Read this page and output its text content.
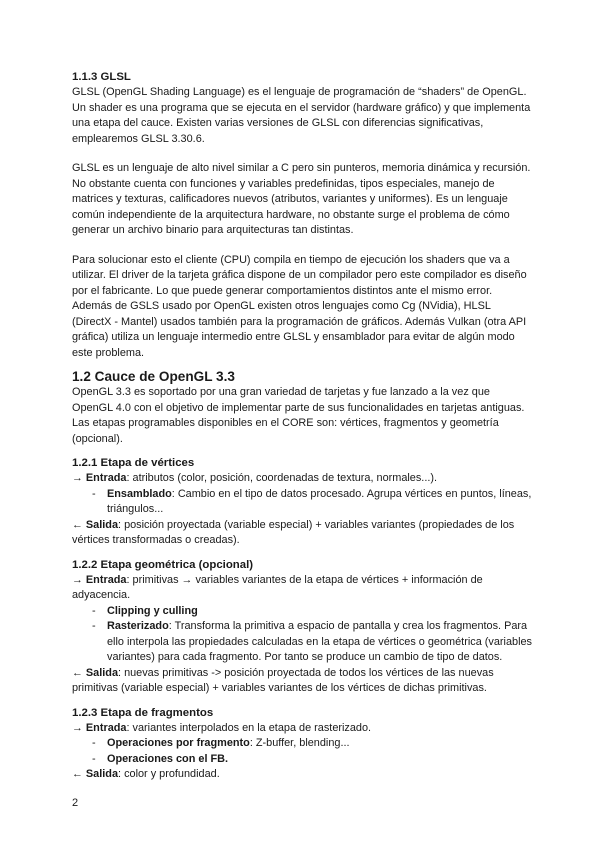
1.1.3 GLSL

GLSL (OpenGL Shading Language) es el lenguaje de programación de “shaders” de OpenGL. Un shader es una programa que se ejecuta en el servidor (hardware gráfico) y que implementa una etapa del cauce. Existen varias versiones de GLSL con diferencias significativas, emplearemos GLSL 3.30.6.

GLSL es un lenguaje de alto nivel similar a C pero sin punteros, memoria dinámica y recursión. No obstante cuenta con funciones y variables predefinidas, tipos especiales, manejo de matrices y texturas, calificadores nuevos (atributos, variantes y uniformes). Es un lenguaje común independiente de la arquitectura hardware, no obstante surge el problema de cómo generar un archivo binario para arquitecturas tan distintas.

Para solucionar esto el cliente (CPU) compila en tiempo de ejecución los shaders que va a utilizar. El driver de la tarjeta gráfica dispone de un compilador pero este compilador es diseño por el fabricante. Lo que puede generar comportamientos distintos ante el mismo error. Además de GSLS usado por OpenGL existen otros lenguajes como Cg (NVidia), HLSL (DirectX - Mantel) usados también para la programación de gráficos. Además Vulkan (otra API gráfica) utiliza un lenguaje intermedio entre GLSL y ensamblador para evitar de algún modo este problema.

1.2 Cauce de OpenGL 3.3

OpenGL 3.3 es soportado por una gran variedad de tarjetas y fue lanzado a la vez que OpenGL 4.0 con el objetivo de implementar parte de sus funcionalidades en tarjetas antiguas. Las etapas programables disponibles en el CORE son: vértices, fragmentos y geometría (opcional).

1.2.1 Etapa de vértices
→ Entrada: atributos (color, posición, coordenadas de textura, normales...).
- Ensamblado: Cambio en el tipo de datos procesado. Agrupa vértices en puntos, líneas, triángulos...
← Salida: posición proyectada (variable especial) + variables variantes (propiedades de los vértices transformadas o creadas).
1.2.2 Etapa geométrica (opcional)
→ Entrada: primitivas → variables variantes de la etapa de vértices + información de adyacencia.
- Clipping y culling
- Rasterizado: Transforma la primitiva a espacio de pantalla y crea los fragmentos. Para ello interpola las propiedades calculadas en la etapa de vértices o geométrica (variables variantes) para cada fragmento. Por tanto se produce un cambio de tipo de datos.
← Salida: nuevas primitivas -> posición proyectada de todos los vértices de las nuevas primitivas (variable especial) + variables variantes de los vértices de dichas primitivas.
1.2.3 Etapa de fragmentos
→ Entrada: variantes interpolados en la etapa de rasterizado.
- Operaciones por fragmento: Z-buffer, blending...
- Operaciones con el FB.
← Salida: color y profundidad.
2
